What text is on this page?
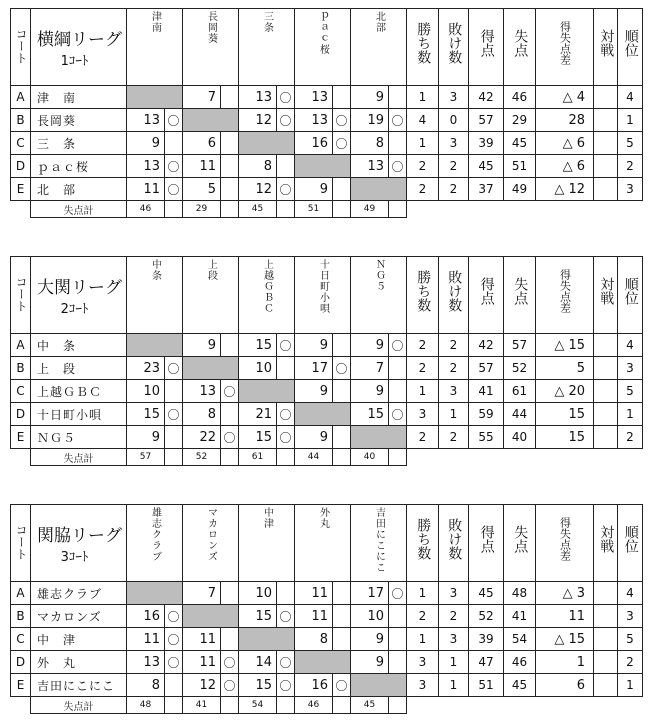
コート	横綱リーグ
1ｺｰﾄ	津南		長岡葵		三条		ｐａｃ桜		北部		勝ち数	敗け数	得点	失点	得失点差	対戦	順位
A	津　南			7		13	〇	13		9		1	3	42	46	△ 4		4
B	長岡葵	13	〇			12	〇	13	〇	19	〇	4	0	57	29	28		1
C	三　条	9		6				16	〇	8		1	3	39	45	△ 6		5
D	ｐａｃ桜	13	〇	11		8				13	〇	2	2	45	51	△ 6		2
E	北　部	11	〇	5		12	〇	9				2	2	37	49	△ 12		3
	失点計	46		29		45		51		49								
コート	大関リーグ
2ｺｰﾄ	中条		上段		上越ＧＢＣ		十日町小唄		ＮＧ５		勝ち数	敗け数	得点	失点	得失点差	対戦	順位
A	中　条			9		15	〇	9		9	〇	2	2	42	57	△ 15		4
B	上　段	23	〇			10		17	〇	7		2	2	57	52	5		3
C	上越ＧＢＣ	10		13	〇			9		9		1	3	41	61	△ 20		5
D	十日町小唄	15	〇	8		21	〇			15	〇	3	1	59	44	15		1
E	ＮＧ５	9		22	〇	15	〇	9				2	2	55	40	15		2
	失点計	57		52		61		44		40								
コート	関脇リーグ
3ｺｰﾄ	雄志クラブ		マカロンズ		中津		外丸		吉田にこにこ		勝ち数	敗け数	得点	失点	得失点差	対戦	順位
A	雄志クラブ			7		10		11		17	〇	1	3	45	48	△ 3		4
B	マカロンズ	16	〇			15	〇	11		10		2	2	52	41	11		3
C	中　津	11	〇	11				8		9		1	3	39	54	△ 15		5
D	外　丸	13	〇	11	〇	14	〇			9		3	1	47	46	1		2
E	吉田にこにこ	8		12	〇	15	〇	16	〇			3	1	51	45	6		1
	失点計	48		41		54		46		45								
